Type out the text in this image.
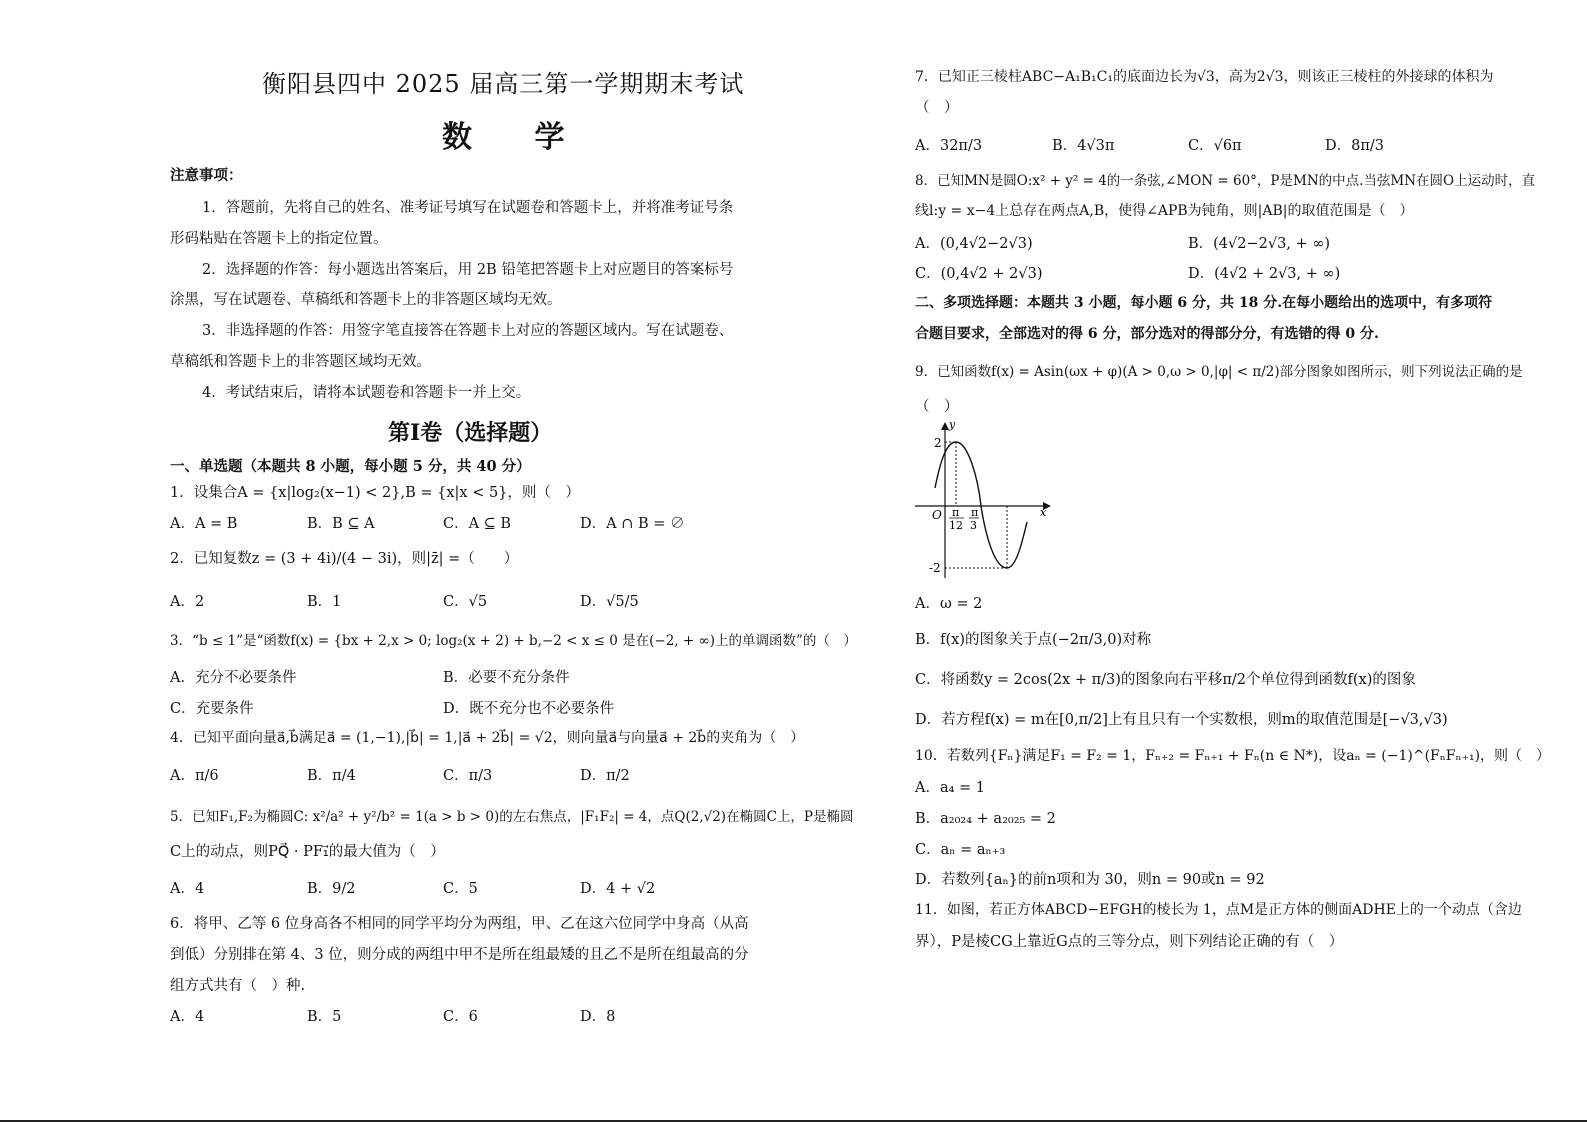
衡阳县四中 2025 届高三第一学期期末考试
数 学
注意事项：
1．答题前，先将自己的姓名、准考证号填写在试题卷和答题卡上，并将准考证号条
形码粘贴在答题卡上的指定位置。
2．选择题的作答：每小题选出答案后，用 2B 铅笔把答题卡上对应题目的答案标号
涂黑，写在试题卷、草稿纸和答题卡上的非答题区域均无效。
3．非选择题的作答：用签字笔直接答在答题卡上对应的答题区域内。写在试题卷、
草稿纸和答题卡上的非答题区域均无效。
4．考试结束后，请将本试题卷和答题卡一并上交。
第Ⅰ卷（选择题）
一、单选题（本题共 8 小题，每小题 5 分，共 40 分）
1．设集合A = {x|log₂(x−1) < 2},B = {x|x < 5}，则（　）
A．A = B	B．B ⊆ A	C．A ⊆ B	D．A ∩ B = ∅
2．已知复数z = (3 + 4i)/(4 − 3i)，则|z̄| =（　　）
A．2	B．1	C．√5	D．√5/5
3．“b ≤ 1”是“函数f(x) = {bx + 2,x > 0; log₂(x + 2) + b,−2 < x ≤ 0 是在(−2, + ∞)上的单调函数”的（　）
A．充分不必要条件	B．必要不充分条件
C．充要条件	D．既不充分也不必要条件
4．已知平面向量a⃗,b⃗满足a⃗ = (1,−1),|b⃗| = 1,|a⃗ + 2b⃗| = √2，则向量a⃗与向量a⃗ + 2b⃗的夹角为（　）
A．π/6	B．π/4	C．π/3	D．π/2
5．已知F₁,F₂为椭圆C: x²/a² + y²/b² = 1(a > b > 0)的左右焦点，|F₁F₂| = 4，点Q(2,√2)在椭圆C上，P是椭圆
C上的动点，则PQ⃗ · PF₁⃗的最大值为（　）
A．4	B．9/2	C．5	D．4 + √2
6．将甲、乙等 6 位身高各不相同的同学平均分为两组，甲、乙在这六位同学中身高（从高
到低）分别排在第 4、3 位，则分成的两组中甲不是所在组最矮的且乙不是所在组最高的分
组方式共有（　）种.
A．4	B．5	C．6	D．8
7．已知正三棱柱ABC−A₁B₁C₁的底面边长为√3，高为2√3，则该正三棱柱的外接球的体积为
（　）
A．32π/3	B．4√3π	C．√6π	D．8π/3
8．已知MN是圆O:x² + y² = 4的一条弦,∠MON = 60°，P是MN的中点.当弦MN在圆O上运动时，直
线l:y = x−4上总存在两点A,B，使得∠APB为钝角，则|AB|的取值范围是（　）
A．(0,4√2−2√3)	B．(4√2−2√3, + ∞)
C．(0,4√2 + 2√3)	D．(4√2 + 2√3, + ∞)
二、多项选择题：本题共 3 小题，每小题 6 分，共 18 分.在每小题给出的选项中，有多项符
合题目要求，全部选对的得 6 分，部分选对的得部分分，有选错的得 0 分.
9．已知函数f(x) = Asin(ωx + φ)(A > 0,ω > 0,|φ| < π/2)部分图象如图所示，则下列说法正确的是
（　）
y
x
O
2
-2
π
12
π
3
A．ω = 2
B．f(x)的图象关于点(−2π/3,0)对称
C．将函数y = 2cos(2x + π/3)的图象向右平移π/2个单位得到函数f(x)的图象
D．若方程f(x) = m在[0,π/2]上有且只有一个实数根，则m的取值范围是[−√3,√3)
10．若数列{Fₙ}满足F₁ = F₂ = 1，Fₙ₊₂ = Fₙ₊₁ + Fₙ(n ∈ N*)，设aₙ = (−1)^(FₙFₙ₊₁)，则（　）
A．a₄ = 1
B．a₂₀₂₄ + a₂₀₂₅ = 2
C．aₙ = aₙ₊₃
D．若数列{aₙ}的前n项和为 30，则n = 90或n = 92
11．如图，若正方体ABCD−EFGH的棱长为 1，点M是正方体的侧面ADHE上的一个动点（含边
界），P是棱CG上靠近G点的三等分点，则下列结论正确的有（　）
